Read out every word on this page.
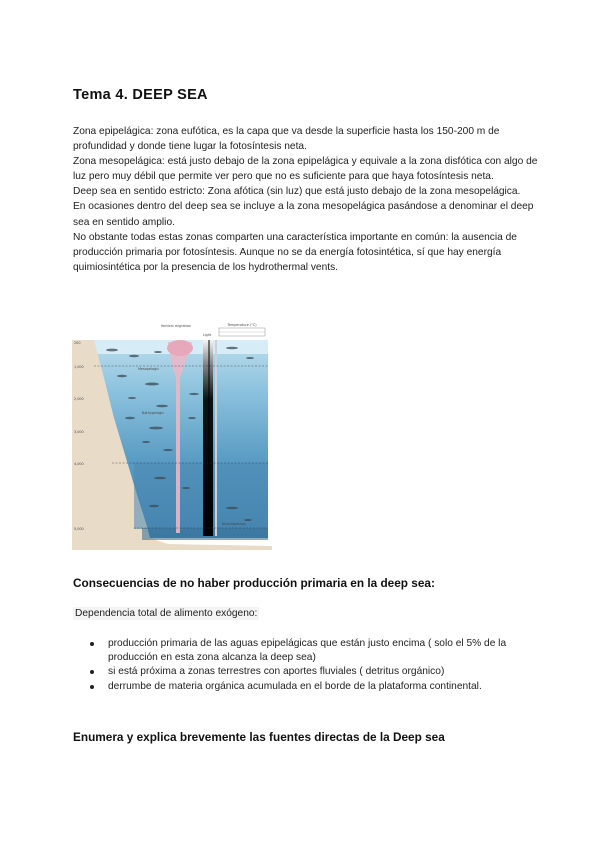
Tema 4. DEEP SEA

Zona epipelágica: zona eufótica, es la capa que va desde la superficie hasta los 150-200 m de profundidad y donde tiene lugar la fotosíntesis neta.

Zona mesopelágica: está justo debajo de la zona epipelágica y equivale a la zona disfótica con algo de luz pero muy débil que permite ver pero que no es suficiente para que haya fotosíntesis neta.

Deep sea en sentido estricto: Zona afótica (sin luz) que está justo debajo de la zona mesopelágica.

En ocasiones dentro del deep sea se incluye a la zona mesopelágica pasándose a denominar el deep sea en sentido amplio.

No obstante todas estas zonas comparten una característica importante en común: la ausencia de producción primaria por fotosíntesis. Aunque no se da energía fotosintética, sí que hay energía quimiosintética por la presencia de los hydrothermal vents.

Vertical migration
Light
Temperature (°C)
200
1,000
2,000
3,000
4,000
5,000
Mesopelagic
Bathypelagic
Abyssopelagic
Consecuencias de no haber producción primaria en la deep sea:
Dependencia total de alimento exógeno:
producción primaria de las aguas epipelágicas que están justo encima ( solo el 5% de la producción en esta zona alcanza la deep sea)
si está próxima a zonas terrestres con aportes fluviales ( detritus orgánico)
derrumbe de materia orgánica acumulada en el borde de la plataforma continental.
Enumera y explica brevemente las fuentes directas de la Deep sea
